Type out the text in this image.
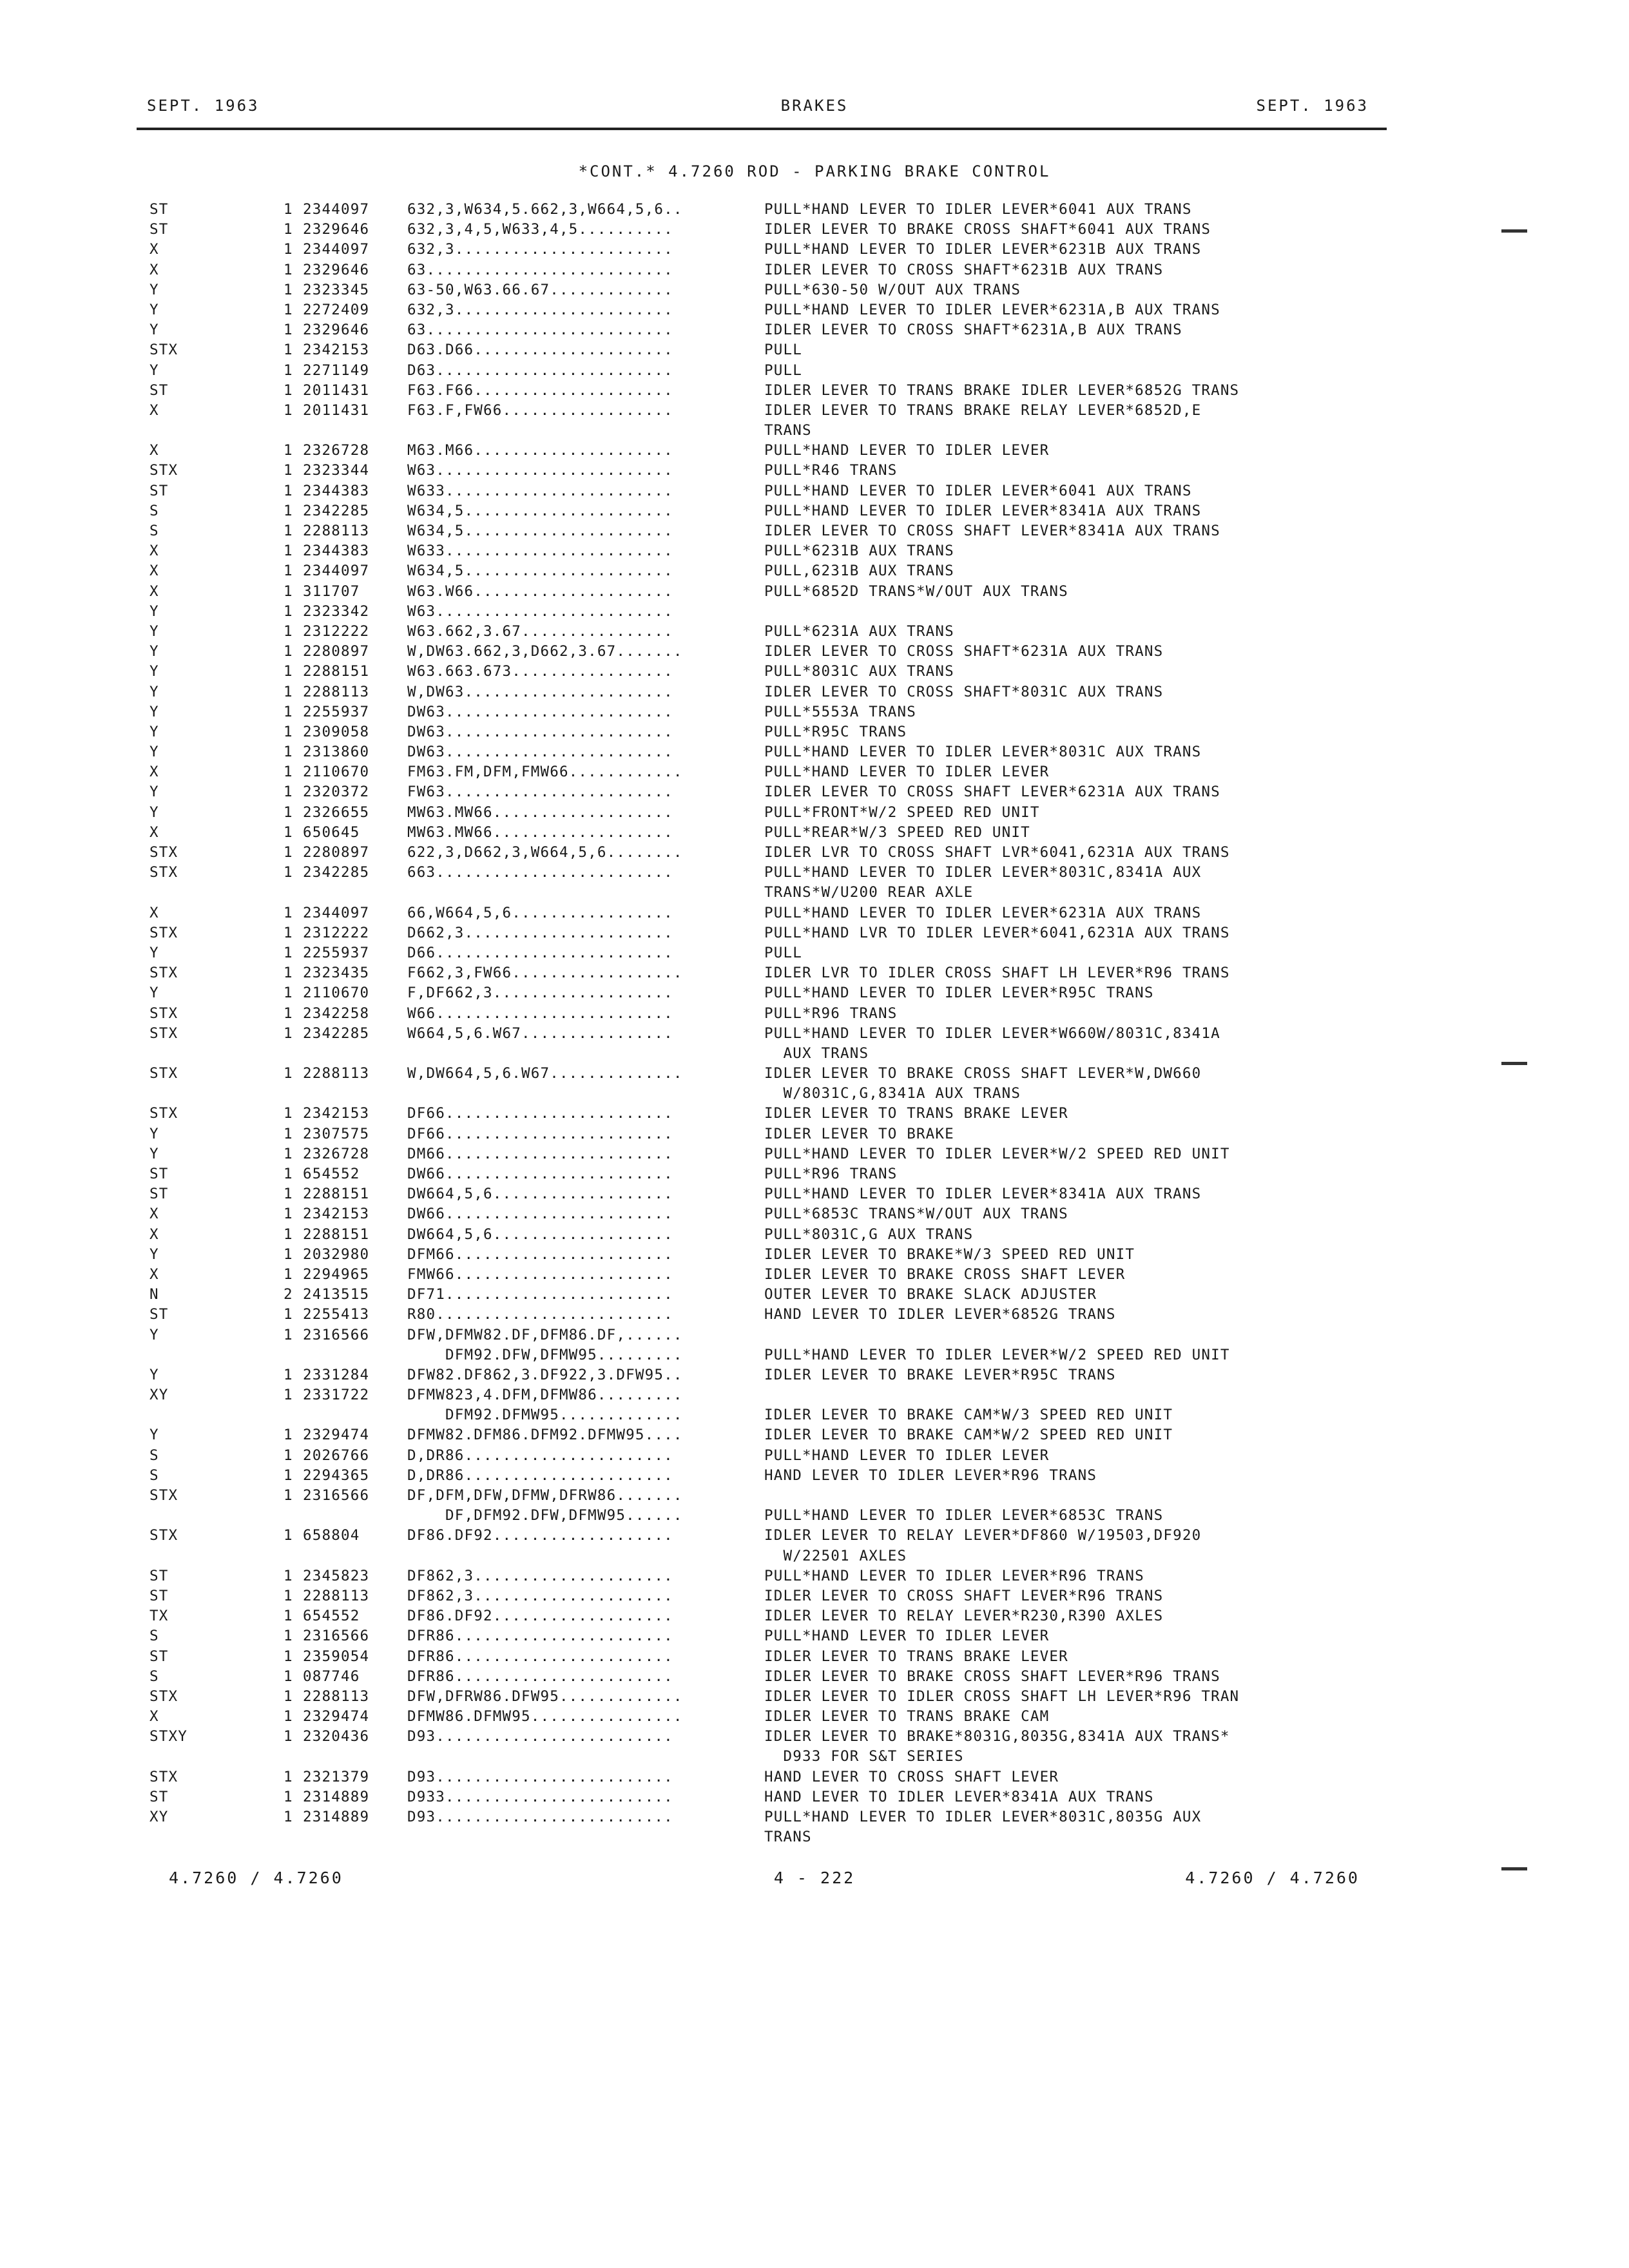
SEPT. 1963	BRAKES	SEPT. 1963
*CONT.* 4.7260 ROD - PARKING BRAKE CONTROL
ST	1 2344097	632,3,W634,5.662,3,W664,5,6..	PULL*HAND LEVER TO IDLER LEVER*6041 AUX TRANS
ST	1 2329646	632,3,4,5,W633,4,5..........	IDLER LEVER TO BRAKE CROSS SHAFT*6041 AUX TRANS
X	1 2344097	632,3.......................	PULL*HAND LEVER TO IDLER LEVER*6231B AUX TRANS
X	1 2329646	63..........................	IDLER LEVER TO CROSS SHAFT*6231B AUX TRANS
Y	1 2323345	63-50,W63.66.67.............	PULL*630-50 W/OUT AUX TRANS
Y	1 2272409	632,3.......................	PULL*HAND LEVER TO IDLER LEVER*6231A,B AUX TRANS
Y	1 2329646	63..........................	IDLER LEVER TO CROSS SHAFT*6231A,B AUX TRANS
STX	1 2342153	D63.D66.....................	PULL
Y	1 2271149	D63.........................	PULL
ST	1 2011431	F63.F66.....................	IDLER LEVER TO TRANS BRAKE IDLER LEVER*6852G TRANS
X	1 2011431	F63.F,FW66..................	IDLER LEVER TO TRANS BRAKE RELAY LEVER*6852D,E
TRANS
X	1 2326728	M63.M66.....................	PULL*HAND LEVER TO IDLER LEVER
STX	1 2323344	W63.........................	PULL*R46 TRANS
ST	1 2344383	W633........................	PULL*HAND LEVER TO IDLER LEVER*6041 AUX TRANS
S	1 2342285	W634,5......................	PULL*HAND LEVER TO IDLER LEVER*8341A AUX TRANS
S	1 2288113	W634,5......................	IDLER LEVER TO CROSS SHAFT LEVER*8341A AUX TRANS
X	1 2344383	W633........................	PULL*6231B AUX TRANS
X	1 2344097	W634,5......................	PULL,6231B AUX TRANS
X	1 311707	W63.W66.....................	PULL*6852D TRANS*W/OUT AUX TRANS
Y	1 2323342	W63.........................
Y	1 2312222	W63.662,3.67................	PULL*6231A AUX TRANS
Y	1 2280897	W,DW63.662,3,D662,3.67.......	IDLER LEVER TO CROSS SHAFT*6231A AUX TRANS
Y	1 2288151	W63.663.673.................	PULL*8031C AUX TRANS
Y	1 2288113	W,DW63......................	IDLER LEVER TO CROSS SHAFT*8031C AUX TRANS
Y	1 2255937	DW63........................	PULL*5553A TRANS
Y	1 2309058	DW63........................	PULL*R95C TRANS
Y	1 2313860	DW63........................	PULL*HAND LEVER TO IDLER LEVER*8031C AUX TRANS
X	1 2110670	FM63.FM,DFM,FMW66............	PULL*HAND LEVER TO IDLER LEVER
Y	1 2320372	FW63........................	IDLER LEVER TO CROSS SHAFT LEVER*6231A AUX TRANS
Y	1 2326655	MW63.MW66...................	PULL*FRONT*W/2 SPEED RED UNIT
X	1 650645	MW63.MW66...................	PULL*REAR*W/3 SPEED RED UNIT
STX	1 2280897	622,3,D662,3,W664,5,6........	IDLER LVR TO CROSS SHAFT LVR*6041,6231A AUX TRANS
STX	1 2342285	663.........................	PULL*HAND LEVER TO IDLER LEVER*8031C,8341A AUX
TRANS*W/U200 REAR AXLE
X	1 2344097	66,W664,5,6.................	PULL*HAND LEVER TO IDLER LEVER*6231A AUX TRANS
STX	1 2312222	D662,3......................	PULL*HAND LVR TO IDLER LEVER*6041,6231A AUX TRANS
Y	1 2255937	D66.........................	PULL
STX	1 2323435	F662,3,FW66..................	IDLER LVR TO IDLER CROSS SHAFT LH LEVER*R96 TRANS
Y	1 2110670	F,DF662,3...................	PULL*HAND LEVER TO IDLER LEVER*R95C TRANS
STX	1 2342258	W66.........................	PULL*R96 TRANS
STX	1 2342285	W664,5,6.W67................	PULL*HAND LEVER TO IDLER LEVER*W660W/8031C,8341A
AUX TRANS
STX	1 2288113	W,DW664,5,6.W67..............	IDLER LEVER TO BRAKE CROSS SHAFT LEVER*W,DW660
W/8031C,G,8341A AUX TRANS
STX	1 2342153	DF66........................	IDLER LEVER TO TRANS BRAKE LEVER
Y	1 2307575	DF66........................	IDLER LEVER TO BRAKE
Y	1 2326728	DM66........................	PULL*HAND LEVER TO IDLER LEVER*W/2 SPEED RED UNIT
ST	1 654552	DW66........................	PULL*R96 TRANS
ST	1 2288151	DW664,5,6...................	PULL*HAND LEVER TO IDLER LEVER*8341A AUX TRANS
X	1 2342153	DW66........................	PULL*6853C TRANS*W/OUT AUX TRANS
X	1 2288151	DW664,5,6...................	PULL*8031C,G AUX TRANS
Y	1 2032980	DFM66.......................	IDLER LEVER TO BRAKE*W/3 SPEED RED UNIT
X	1 2294965	FMW66.......................	IDLER LEVER TO BRAKE CROSS SHAFT LEVER
N	2 2413515	DF71........................	OUTER LEVER TO BRAKE SLACK ADJUSTER
ST	1 2255413	R80.........................	HAND LEVER TO IDLER LEVER*6852G TRANS
Y	1 2316566	DFW,DFMW82.DF,DFM86.DF,......
DFM92.DFW,DFMW95.........	PULL*HAND LEVER TO IDLER LEVER*W/2 SPEED RED UNIT
Y	1 2331284	DFW82.DF862,3.DF922,3.DFW95..	IDLER LEVER TO BRAKE LEVER*R95C TRANS
XY	1 2331722	DFMW823,4.DFM,DFMW86.........
DFM92.DFMW95.............	IDLER LEVER TO BRAKE CAM*W/3 SPEED RED UNIT
Y	1 2329474	DFMW82.DFM86.DFM92.DFMW95....	IDLER LEVER TO BRAKE CAM*W/2 SPEED RED UNIT
S	1 2026766	D,DR86......................	PULL*HAND LEVER TO IDLER LEVER
S	1 2294365	D,DR86......................	HAND LEVER TO IDLER LEVER*R96 TRANS
STX	1 2316566	DF,DFM,DFW,DFMW,DFRW86.......
DF,DFM92.DFW,DFMW95......	PULL*HAND LEVER TO IDLER LEVER*6853C TRANS
STX	1 658804	DF86.DF92...................	IDLER LEVER TO RELAY LEVER*DF860 W/19503,DF920
W/22501 AXLES
ST	1 2345823	DF862,3.....................	PULL*HAND LEVER TO IDLER LEVER*R96 TRANS
ST	1 2288113	DF862,3.....................	IDLER LEVER TO CROSS SHAFT LEVER*R96 TRANS
TX	1 654552	DF86.DF92...................	IDLER LEVER TO RELAY LEVER*R230,R390 AXLES
S	1 2316566	DFR86.......................	PULL*HAND LEVER TO IDLER LEVER
ST	1 2359054	DFR86.......................	IDLER LEVER TO TRANS BRAKE LEVER
S	1 087746	DFR86.......................	IDLER LEVER TO BRAKE CROSS SHAFT LEVER*R96 TRANS
STX	1 2288113	DFW,DFRW86.DFW95.............	IDLER LEVER TO IDLER CROSS SHAFT LH LEVER*R96 TRAN
X	1 2329474	DFMW86.DFMW95................	IDLER LEVER TO TRANS BRAKE CAM
STXY	1 2320436	D93.........................	IDLER LEVER TO BRAKE*8031G,8035G,8341A AUX TRANS*
D933 FOR S&T SERIES
STX	1 2321379	D93.........................	HAND LEVER TO CROSS SHAFT LEVER
ST	1 2314889	D933........................	HAND LEVER TO IDLER LEVER*8341A AUX TRANS
XY	1 2314889	D93.........................	PULL*HAND LEVER TO IDLER LEVER*8031C,8035G AUX
TRANS
4.7260 / 4.7260	4 - 222	4.7260 / 4.7260
